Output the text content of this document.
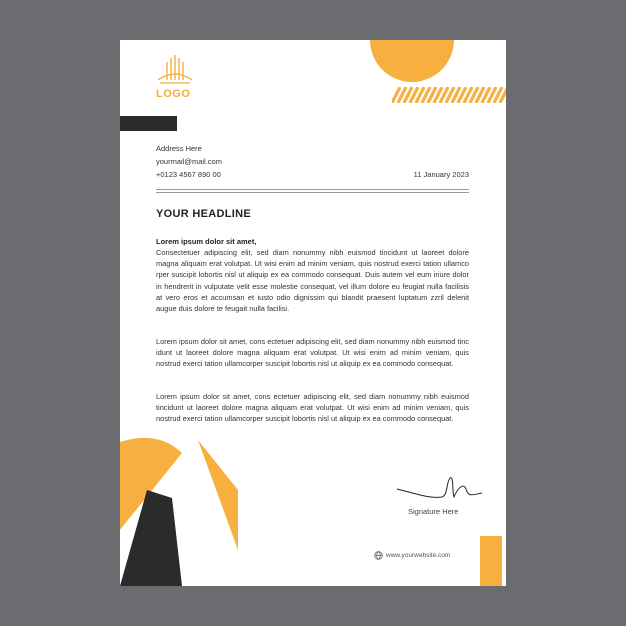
LOGO
Address Here
yourmail@mail.com
+0123 4567 890 00	11 January 2023
YOUR HEADLINE
Lorem ipsum dolor sit amet,
Consectetuer adipiscing elit, sed diam nonummy nibh euismod tincidunt ut laoreet dolore magna aliquam erat volutpat. Ut wisi enim ad minim veniam, quis nostrud exerci tation ullamco rper suscipit lobortis nisl ut aliquip ex ea commodo consequat. Duis autem vel eum iriure dolor in hendrerit in vulputate velit esse molestie consequat, vel illum dolore eu feugiat nulla facilisis at vero eros et accumsan et iusto odio dignissim qui blandit praesent luptatum zzril delenit augue duis dolore te feugait nulla facilisi.
Lorem ipsum dolor sit amet, cons ectetuer adipiscing elit, sed diam nonummy nibh euismod tinc idunt ut laoreet dolore magna aliquam erat volutpat. Ut wisi enim ad minim veniam, quis nostrud exerci tation ullamcorper suscipit lobortis nisl ut aliquip ex ea commodo consequat.
Lorem ipsum dolor sit amet, cons ectetuer adipiscing elit, sed diam nonummy nibh euismod tincidunt ut laoreet dolore magna aliquam erat volutpat. Ut wisi enim ad minim veniam, quis nostrud exerci tation ullamcorper suscipit lobortis nisl ut aliquip ex ea commodo consequat.
Signature Here
www.yourwebsite.com
